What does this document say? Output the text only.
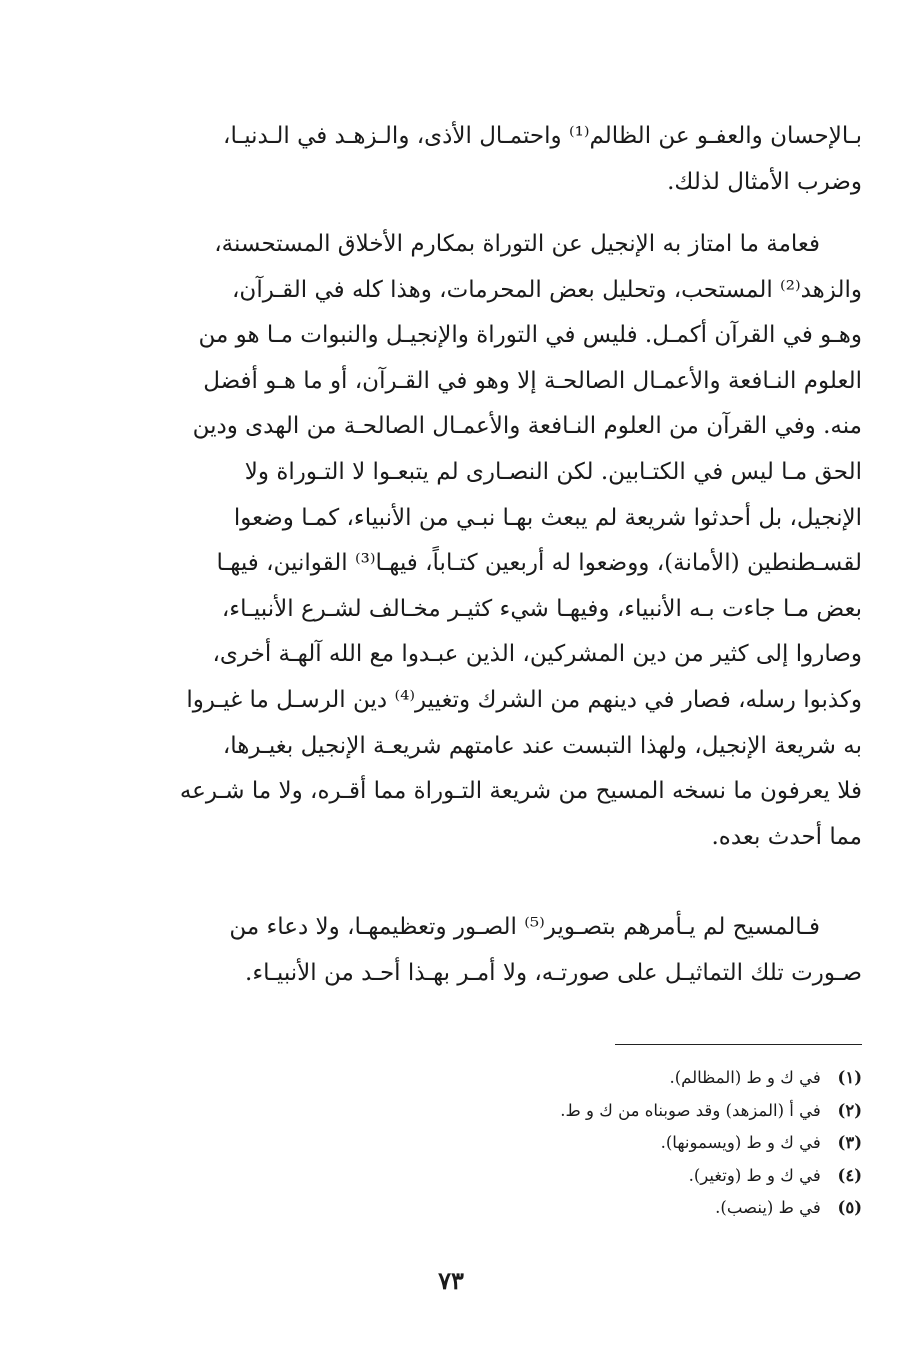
بـالإحسان والعفـو عن الظالم⁽¹⁾ واحتمـال الأذى، والـزهـد في الـدنيـا،
وضرب الأمثال لذلك.
فعامة ما امتاز به الإنجيل عن التوراة بمكارم الأخلاق المستحسنة،
والزهد⁽²⁾ المستحب، وتحليل بعض المحرمات، وهذا كله في القـرآن،
وهـو في القرآن أكمـل. فليس في التوراة والإنجيـل والنبوات مـا هو من
العلوم النـافعة والأعمـال الصالحـة إلا وهو في القـرآن، أو ما هـو أفضل
منه. وفي القرآن من العلوم النـافعة والأعمـال الصالحـة من الهدى ودين
الحق مـا ليس في الكتـابين. لكن النصـارى لم يتبعـوا لا التـوراة ولا
الإنجيل، بل أحدثوا شريعة لم يبعث بهـا نبـي من الأنبياء، كمـا وضعوا
لقسـطنطين (الأمانة)، ووضعوا له أربعين كتـاباً، فيهـا⁽³⁾ القوانين، فيهـا
بعض مـا جاءت بـه الأنبياء، وفيهـا شيء كثيـر مخـالف لشـرع الأنبيـاء،
وصاروا إلى كثير من دين المشركين، الذين عبـدوا مع الله آلهـة أخرى،
وكذبوا رسله، فصار في دينهم من الشرك وتغيير⁽⁴⁾ دين الرسـل ما غيـروا
به شريعة الإنجيل، ولهذا التبست عند عامتهم شريعـة الإنجيل بغيـرها،
فلا يعرفون ما نسخه المسيح من شريعة التـوراة مما أقـره، ولا ما شـرعه
مما أحدث بعده.
فـالمسيح لم يـأمرهم بتصـوير⁽⁵⁾ الصـور وتعظيمهـا، ولا دعاء من
صـورت تلك التماثيـل على صورتـه، ولا أمـر بهـذا أحـد من الأنبيـاء.
(١) في ك و ط (المظالم).
(٢) في أ (المزهد) وقد صوبناه من ك و ط.
(٣) في ك و ط (ويسمونها).
(٤) في ك و ط (وتغير).
(٥) في ط (ينصب).
٧٣
